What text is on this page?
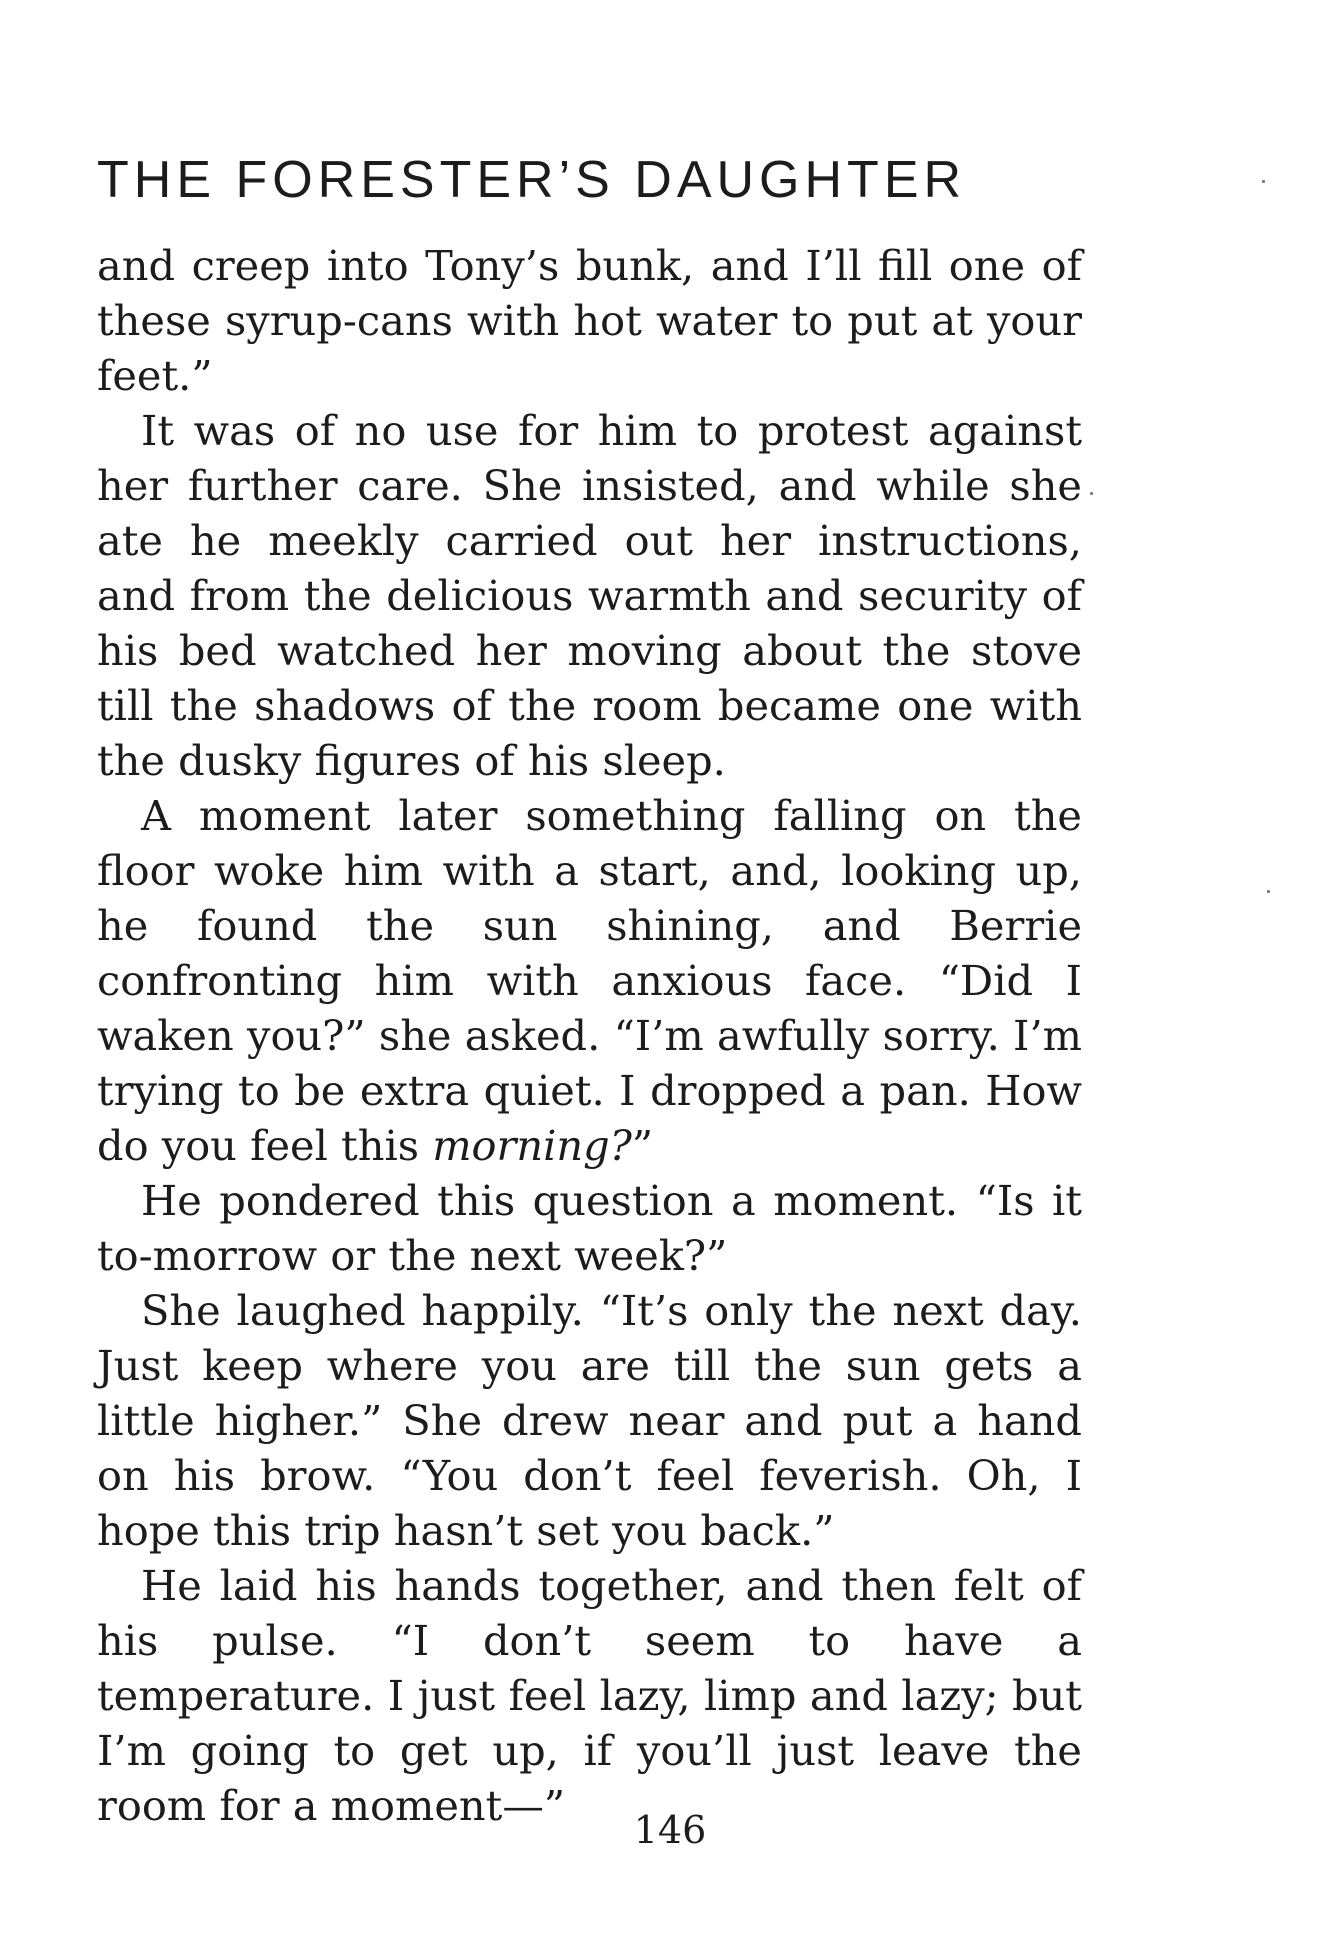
THE FORESTER’S DAUGHTER

and creep into Tony’s bunk, and I’ll fill one of these syrup-cans with hot water to put at your feet.”

It was of no use for him to protest against her further care. She insisted, and while she ate he meekly carried out her instructions, and from the delicious warmth and security of his bed watched her moving about the stove till the shadows of the room became one with the dusky figures of his sleep.

A moment later something falling on the floor woke him with a start, and, looking up, he found the sun shining, and Berrie confronting him with anxious face. “Did I waken you?” she asked. “I’m awfully sorry. I’m trying to be extra quiet. I dropped a pan. How do you feel this morning?”

He pondered this question a moment. “Is it to-morrow or the next week?”

She laughed happily. “It’s only the next day. Just keep where you are till the sun gets a little higher.” She drew near and put a hand on his brow. “You don’t feel feverish. Oh, I hope this trip hasn’t set you back.”

He laid his hands together, and then felt of his pulse. “I don’t seem to have a temperature. I just feel lazy, limp and lazy; but I’m going to get up, if you’ll just leave the room for a moment—”	146
